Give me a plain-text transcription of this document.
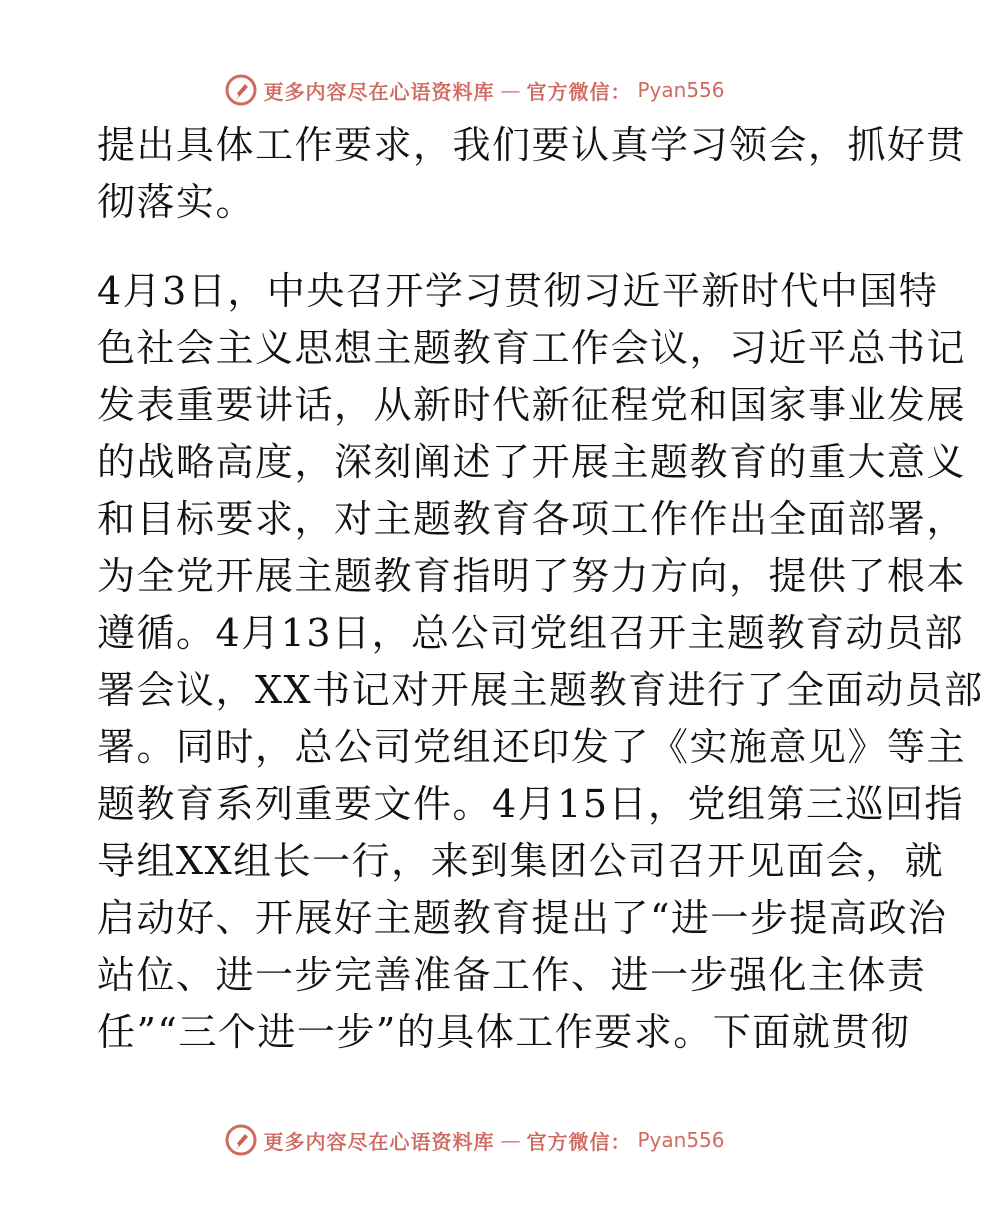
更多内容尽在心语资料库 — 官方微信： Pyan556
提出具体工作要求，我们要认真学习领会，抓好贯
彻落实。
4月3日，中央召开学习贯彻习近平新时代中国特
色社会主义思想主题教育工作会议，习近平总书记
发表重要讲话，从新时代新征程党和国家事业发展
的战略高度，深刻阐述了开展主题教育的重大意义
和目标要求，对主题教育各项工作作出全面部署，
为全党开展主题教育指明了努力方向，提供了根本
遵循。4月13日，总公司党组召开主题教育动员部
署会议，XX书记对开展主题教育进行了全面动员部
署。同时，总公司党组还印发了《实施意见》等主
题教育系列重要文件。4月15日，党组第三巡回指
导组XX组长一行，来到集团公司召开见面会，就
启动好、开展好主题教育提出了“进一步提高政治
站位、进一步完善准备工作、进一步强化主体责
任”“三个进一步”的具体工作要求。下面就贯彻
更多内容尽在心语资料库 — 官方微信： Pyan556
